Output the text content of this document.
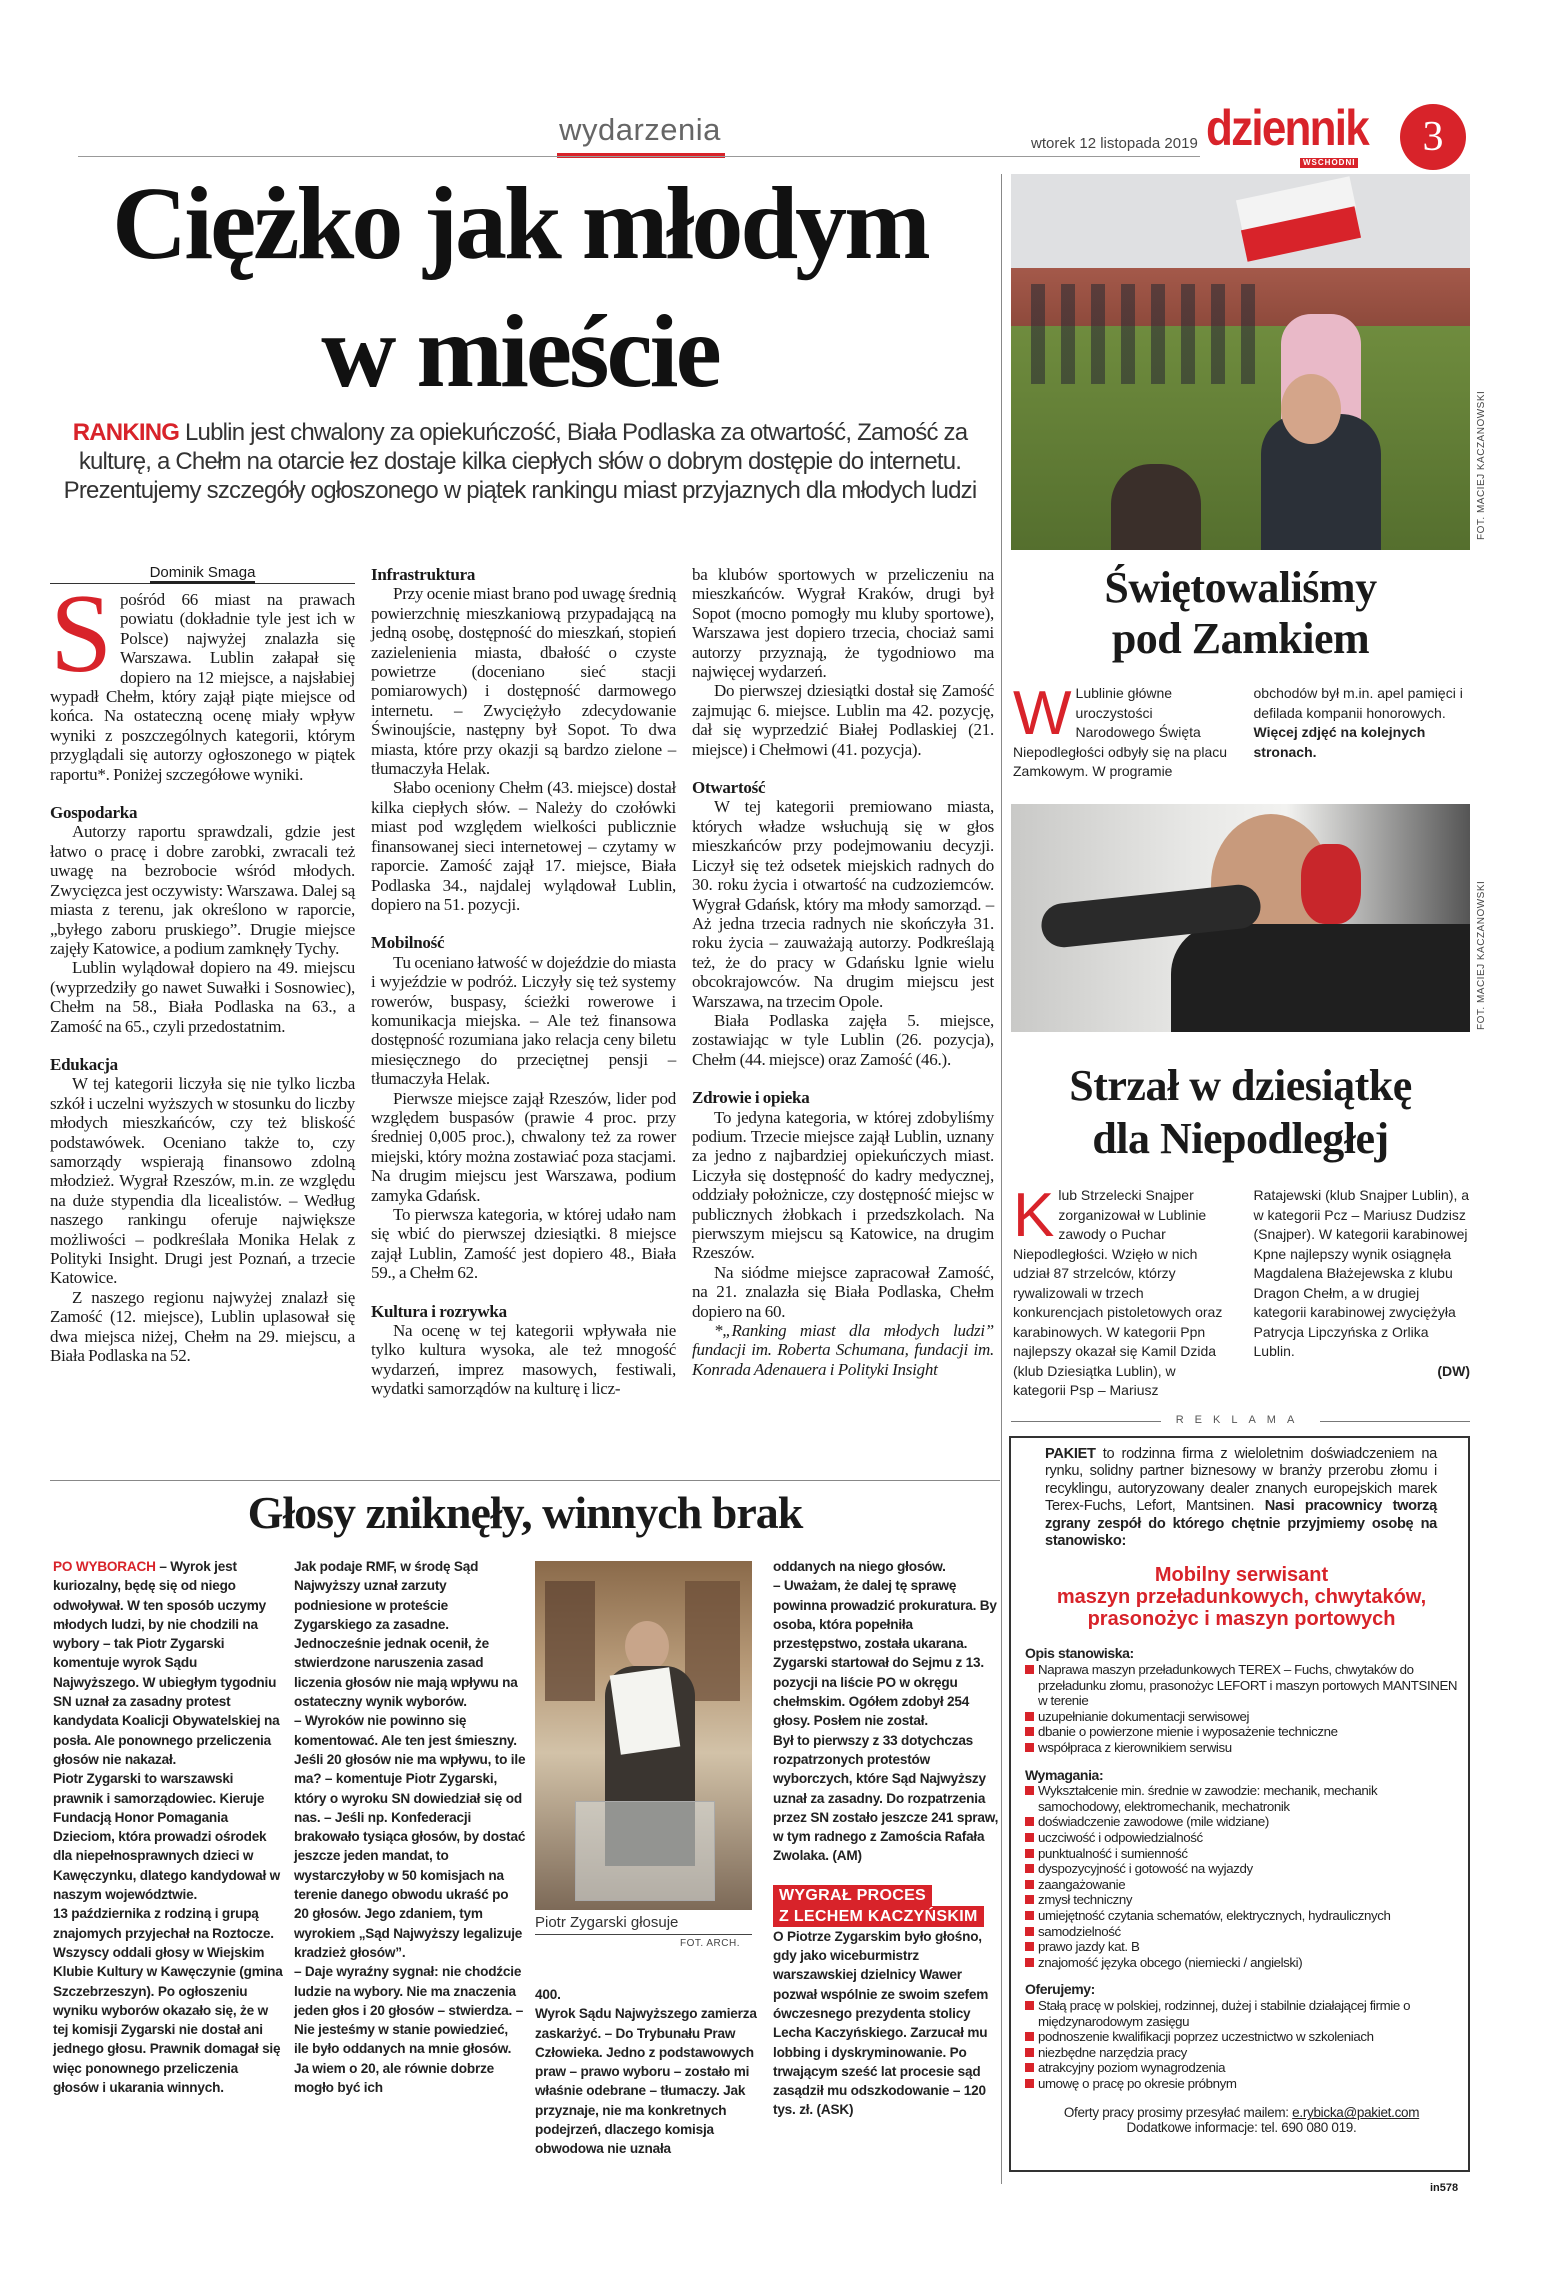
wydarzenia	wtorek 12 listopada 2019 dziennik
WSCHODNI
3
Ciężko jak młodym
w mieście
RANKING Lublin jest chwalony za opiekuńczość, Biała Podlaska za otwartość, Zamość za kulturę, a Chełm na otarcie łez dostaje kilka ciepłych słów o dobrym dostępie do internetu. Prezentujemy szczegóły ogłoszonego w piątek rankingu miast przyjaznych dla młodych ludzi
Dominik Smaga

Spośród 66 miast na prawach powiatu (dokładnie tyle jest ich w Polsce) najwyżej znalazła się Warszawa. Lublin załapał się dopiero na 12 miejsce, a najsłabiej wypadł Chełm, który zajął piąte miejsce od końca. Na ostateczną ocenę miały wpływ wyniki z poszczególnych kategorii, którym przyglądali się autorzy ogłoszonego w piątek raportu*. Poniżej szczegółowe wyniki.

Gospodarka

Autorzy raportu sprawdzali, gdzie jest łatwo o pracę i dobre zarobki, zwracali też uwagę na bezrobocie wśród młodych. Zwycięzca jest oczywisty: Warszawa. Dalej są miasta z terenu, jak określono w raporcie, „byłego zaboru pruskiego”. Drugie miejsce zajęły Katowice, a podium zamknęły Tychy.

Lublin wylądował dopiero na 49. miejscu (wyprzedziły go nawet Suwałki i Sosnowiec), Chełm na 58., Biała Podlaska na 63., a Zamość na 65., czyli przedostatnim.

Edukacja

W tej kategorii liczyła się nie tylko liczba szkół i uczelni wyższych w stosunku do liczby młodych mieszkańców, czy też bliskość podstawówek. Oceniano także to, czy samorządy wspierają finansowo zdolną młodzież. Wygrał Rzeszów, m.in. ze względu na duże stypendia dla licealistów. – Według naszego rankingu oferuje największe możliwości – podkreślała Monika Helak z Polityki Insight. Drugi jest Poznań, a trzecie Katowice.

Z naszego regionu najwyżej znalazł się Zamość (12. miejsce), Lublin uplasował się dwa miejsca niżej, Chełm na 29. miejscu, a Biała Podlaska na 52.

Infrastruktura

Przy ocenie miast brano pod uwagę średnią powierzchnię mieszkaniową przypadającą na jedną osobę, dostępność do mieszkań, stopień zazielenienia miasta, dbałość o czyste powietrze (doceniano sieć stacji pomiarowych) i dostępność darmowego internetu. – Zwyciężyło zdecydowanie Świnoujście, następny był Sopot. To dwa miasta, które przy okazji są bardzo zielone – tłumaczyła Helak.

Słabo oceniony Chełm (43. miejsce) dostał kilka ciepłych słów. – Należy do czołówki miast pod względem wielkości publicznie finansowanej sieci internetowej – czytamy w raporcie. Zamość zajął 17. miejsce, Biała Podlaska 34., najdalej wylądował Lublin, dopiero na 51. pozycji.

Mobilność

Tu oceniano łatwość w dojeździe do miasta i wyjeździe w podróż. Liczyły się też systemy rowerów, buspasy, ścieżki rowerowe i komunikacja miejska. – Ale też finansowa dostępność rozumiana jako relacja ceny biletu miesięcznego do przeciętnej pensji – tłumaczyła Helak.

Pierwsze miejsce zajął Rzeszów, lider pod względem buspasów (prawie 4 proc. przy średniej 0,005 proc.), chwalony też za rower miejski, który można zostawiać poza stacjami. Na drugim miejscu jest Warszawa, podium zamyka Gdańsk.

To pierwsza kategoria, w której udało nam się wbić do pierwszej dziesiątki. 8 miejsce zajął Lublin, Zamość jest dopiero 48., Biała 59., a Chełm 62.

Kultura i rozrywka

Na ocenę w tej kategorii wpływała nie tylko kultura wysoka, ale też mnogość wydarzeń, imprez masowych, festiwali, wydatki samorządów na kulturę i licz-

ba klubów sportowych w przeliczeniu na mieszkańców. Wygrał Kraków, drugi był Sopot (mocno pomogły mu kluby sportowe), Warszawa jest dopiero trzecia, chociaż sami autorzy przyznają, że tygodniowo ma najwięcej wydarzeń.

Do pierwszej dziesiątki dostał się Zamość zajmując 6. miejsce. Lublin ma 42. pozycję, dał się wyprzedzić Białej Podlaskiej (21. miejsce) i Chełmowi (41. pozycja).

Otwartość

W tej kategorii premiowano miasta, których władze wsłuchują się w głos mieszkańców przy podejmowaniu decyzji. Liczył się też odsetek miejskich radnych do 30. roku życia i otwartość na cudzoziemców. Wygrał Gdańsk, który ma młody samorząd. – Aż jedna trzecia radnych nie skończyła 31. roku życia – zauważają autorzy. Podkreślają też, że do pracy w Gdańsku lgnie wielu obcokrajowców. Na drugim miejscu jest Warszawa, na trzecim Opole.

Biała Podlaska zajęła 5. miejsce, zostawiając w tyle Lublin (26. pozycja), Chełm (44. miejsce) oraz Zamość (46.).

Zdrowie i opieka

To jedyna kategoria, w której zdobyliśmy podium. Trzecie miejsce zajął Lublin, uznany za jedno z najbardziej opiekuńczych miast. Liczyła się dostępność do kadry medycznej, oddziały położnicze, czy dostępność miejsc w publicznych żłobkach i przedszkolach. Na pierwszym miejscu są Katowice, na drugim Rzeszów.

Na siódme miejsce zapracował Zamość, na 21. znalazła się Biała Podlaska, Chełm dopiero na 60.

*„Ranking miast dla młodych ludzi” fundacji im. Roberta Schumana, fundacji im. Konrada Adenauera i Polityki Insight

Głosy zniknęły, winnych brak

PO WYBORACH – Wyrok jest kuriozalny, będę się od niego odwoływał. W ten sposób uczymy młodych ludzi, by nie chodzili na wybory – tak Piotr Zygarski komentuje wyrok Sądu Najwyższego. W ubiegłym tygodniu SN uznał za zasadny protest kandydata Koalicji Obywatelskiej na posła. Ale ponownego przeliczenia głosów nie nakazał.

Piotr Zygarski to warszawski prawnik i samorządowiec. Kieruje Fundacją Honor Pomagania Dzieciom, która prowadzi ośrodek dla niepełnosprawnych dzieci w Kawęczynku, dlatego kandydował w naszym województwie.

13 października z rodziną i grupą znajomych przyjechał na Roztocze. Wszyscy oddali głosy w Wiejskim Klubie Kultury w Kawęczynie (gmina Szczebrzeszyn). Po ogłoszeniu wyniku wyborów okazało się, że w tej komisji Zygarski nie dostał ani jednego głosu. Prawnik domagał się więc ponownego przeliczenia głosów i ukarania winnych.

Jak podaje RMF, w środę Sąd Najwyższy uznał zarzuty podniesione w proteście Zygarskiego za zasadne. Jednocześnie jednak ocenił, że stwierdzone naruszenia zasad liczenia głosów nie mają wpływu na ostateczny wynik wyborów.

– Wyroków nie powinno się komentować. Ale ten jest śmieszny. Jeśli 20 głosów nie ma wpływu, to ile ma? – komentuje Piotr Zygarski, który o wyroku SN dowiedział się od nas. – Jeśli np. Konfederacji brakowało tysiąca głosów, by dostać jeszcze jeden mandat, to wystarczyłoby w 50 komisjach na terenie danego obwodu ukraść po 20 głosów. Jego zdaniem, tym wyrokiem „Sąd Najwyższy legalizuje kradzież głosów”.

– Daje wyraźny sygnał: nie chodźcie ludzie na wybory. Nie ma znaczenia jeden głos i 20 głosów – stwierdza. – Nie jesteśmy w stanie powiedzieć, ile było oddanych na mnie głosów. Ja wiem o 20, ale równie dobrze mogło być ich

Piotr Zygarski głosuje
FOT. ARCH.

400.

Wyrok Sądu Najwyższego zamierza zaskarżyć. – Do Trybunału Praw Człowieka. Jedno z podstawowych praw – prawo wyboru – zostało mi właśnie odebrane – tłumaczy. Jak przyznaje, nie ma konkretnych podejrzeń, dlaczego komisja obwodowa nie uznała

oddanych na niego głosów.

– Uważam, że dalej tę sprawę powinna prowadzić prokuratura. By osoba, która popełniła przestępstwo, została ukarana.

Zygarski startował do Sejmu z 13. pozycji na liście PO w okręgu chełmskim. Ogółem zdobył 254 głosy. Posłem nie został.

Był to pierwszy z 33 dotychczas rozpatrzonych protestów wyborczych, które Sąd Najwyższy uznał za zasadny. Do rozpatrzenia przez SN zostało jeszcze 241 spraw, w tym radnego z Zamościa Rafała Zwolaka. (AM)

WYGRAŁ PROCES
Z LECHEM KACZYŃSKIM

O Piotrze Zygarskim było głośno, gdy jako wiceburmistrz warszawskiej dzielnicy Wawer pozwał wspólnie ze swoim szefem ówczesnego prezydenta stolicy Lecha Kaczyńskiego. Zarzucał mu lobbing i dyskryminowanie. Po trwającym sześć lat procesie sąd zasądził mu odszkodowanie – 120 tys. zł. (ASK)

FOT. MACIEJ KACZANOWSKI
Świętowaliśmy
pod Zamkiem
W Lublinie główne uroczystości Narodowego Święta Niepodległości odbyły się na placu Zamkowym. W programie obchodów był m.in. apel pamięci i defilada kompanii honorowych. Więcej zdjęć na kolejnych stronach.
FOT. MACIEJ KACZANOWSKI
Strzał w dziesiątkę
dla Niepodległej
Klub Strzelecki Snajper zorganizował w Lublinie zawody o Puchar Niepodległości. Wzięło w nich udział 87 strzelców, którzy rywalizowali w trzech konkurencjach pistoletowych oraz karabinowych. W kategorii Ppn najlepszy okazał się Kamil Dzida (klub Dziesiątka Lublin), w kategorii Psp – Mariusz Ratajewski (klub Snajper Lublin), a w kategorii Pcz – Mariusz Dudzisz (Snajper). W kategorii karabinowej Kpne najlepszy wynik osiągnęła Magdalena Błażejewska z klubu Dragon Chełm, a w drugiej kategorii karabinowej zwyciężyła Patrycja Lipczyńska z Orlika Lublin.
(DW)
REKLAMA
PAKIET to rodzinna firma z wieloletnim doświadczeniem na rynku, solidny partner biznesowy w branży przerobu złomu i recyklingu, autoryzowany dealer znanych europejskich marek Terex-Fuchs, Lefort, Mantsinen. Nasi pracownicy tworzą zgrany zespół do którego chętnie przyjmiemy osobę na stanowisko:
Mobilny serwisant
maszyn przeładunkowych, chwytaków,
prasonożyc i maszyn portowych
Opis stanowiska:
Naprawa maszyn przeładunkowych TEREX – Fuchs, chwytaków do przeładunku złomu, prasonożyc LEFORT i maszyn portowych MANTSINEN w terenie
uzupełnianie dokumentacji serwisowej
dbanie o powierzone mienie i wyposażenie techniczne
współpraca z kierownikiem serwisu
Wymagania:
Wykształcenie min. średnie w zawodzie: mechanik, mechanik samochodowy, elektromechanik, mechatronik
doświadczenie zawodowe (mile widziane)
uczciwość i odpowiedzialność
punktualność i sumienność
dyspozycyjność i gotowość na wyjazdy
zaangażowanie
zmysł techniczny
umiejętność czytania schematów, elektrycznych, hydraulicznych
samodzielność
prawo jazdy kat. B
znajomość języka obcego (niemiecki / angielski)
Oferujemy:
Stałą pracę w polskiej, rodzinnej, dużej i stabilnie działającej firmie o międzynarodowym zasięgu
podnoszenie kwalifikacji poprzez uczestnictwo w szkoleniach
niezbędne narzędzia pracy
atrakcyjny poziom wynagrodzenia
umowę o pracę po okresie próbnym
Oferty pracy prosimy przesyłać mailem: e.rybicka@pakiet.com
Dodatkowe informacje: tel. 690 080 019.
in578
